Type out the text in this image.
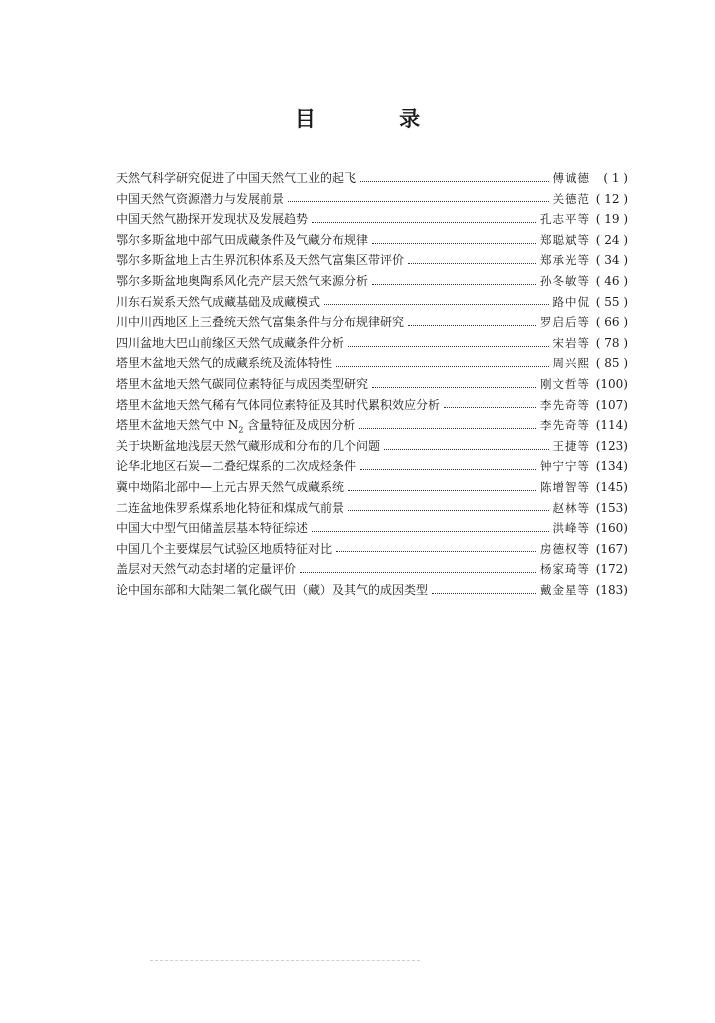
目 录
天然气科学研究促进了中国天然气工业的起飞	傅诚德	( 1 )
中国天然气资源潜力与发展前景	关德范 ( 12 )
中国天然气勘探开发现状及发展趋势	孔志平等 ( 19 )
鄂尔多斯盆地中部气田成藏条件及气藏分布规律	郑聪斌等 ( 24 )
鄂尔多斯盆地上古生界沉积体系及天然气富集区带评价	郑承光等 ( 34 )
鄂尔多斯盆地奥陶系风化壳产层天然气来源分析	孙冬敏等 ( 46 )
川东石炭系天然气成藏基础及成藏模式	路中侃 ( 55 )
川中川西地区上三叠统天然气富集条件与分布规律研究	罗启后等 ( 66 )
四川盆地大巴山前缘区天然气成藏条件分析	宋岩等 ( 78 )
塔里木盆地天然气的成藏系统及流体特性	周兴熙 ( 85 )
塔里木盆地天然气碳同位素特征与成因类型研究	刚文哲等 (100)
塔里木盆地天然气稀有气体同位素特征及其时代累积效应分析	李先奇等 (107)
塔里木盆地天然气中 $N_2$ 含量特征及成因分析	李先奇等 (114)
关于块断盆地浅层天然气藏形成和分布的几个问题	王捷等 (123)
论华北地区石炭—二叠纪煤系的二次成烃条件	钟宁宁等 (134)
冀中坳陷北部中—上元古界天然气成藏系统	陈增智等 (145)
二连盆地侏罗系煤系地化特征和煤成气前景	赵林等 (153)
中国大中型气田储盖层基本特征综述	洪峰等 (160)
中国几个主要煤层气试验区地质特征对比	房德权等 (167)
盖层对天然气动态封堵的定量评价	杨家琦等 (172)
论中国东部和大陆架二氧化碳气田（藏）及其气的成因类型	戴金星等 (183)
